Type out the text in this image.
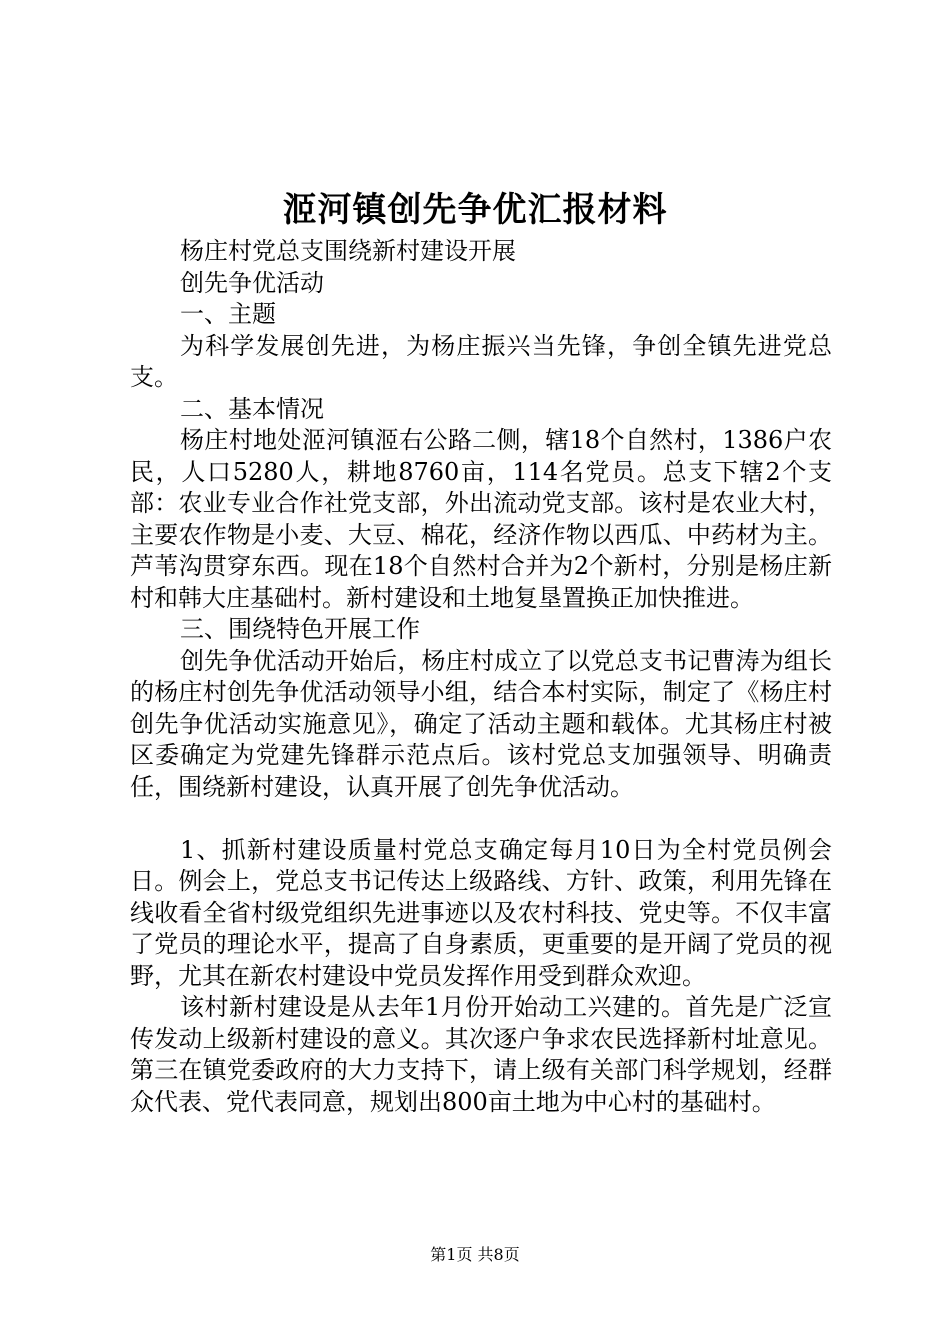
洍河镇创先争优汇报材料

杨庄村党总支围绕新村建设开展

创先争优活动

一、主题

为科学发展创先进，为杨庄振兴当先锋，争创全镇先进党总支。

二、基本情况

杨庄村地处洍河镇洍右公路二侧，辖18个自然村，1386户农民，人口5280人，耕地8760亩，114名党员。总支下辖2个支部：农业专业合作社党支部，外出流动党支部。该村是农业大村，主要农作物是小麦、大豆、棉花，经济作物以西瓜、中药材为主。芦苇沟贯穿东西。现在18个自然村合并为2个新村，分别是杨庄新村和韩大庄基础村。新村建设和土地复垦置换正加快推进。

三、围绕特色开展工作

创先争优活动开始后，杨庄村成立了以党总支书记曹涛为组长的杨庄村创先争优活动领导小组，结合本村实际，制定了《杨庄村创先争优活动实施意见》，确定了活动主题和载体。尤其杨庄村被区委确定为党建先锋群示范点后。该村党总支加强领导、明确责任，围绕新村建设，认真开展了创先争优活动。

1、抓新村建设质量村党总支确定每月10日为全村党员例会日。例会上，党总支书记传达上级路线、方针、政策，利用先锋在线收看全省村级党组织先进事迹以及农村科技、党史等。不仅丰富了党员的理论水平，提高了自身素质，更重要的是开阔了党员的视野，尤其在新农村建设中党员发挥作用受到群众欢迎。

该村新村建设是从去年1月份开始动工兴建的。首先是广泛宣传发动上级新村建设的意义。其次逐户争求农民选择新村址意见。第三在镇党委政府的大力支持下，请上级有关部门科学规划，经群众代表、党代表同意，规划出800亩土地为中心村的基础村。

第1页 共8页
